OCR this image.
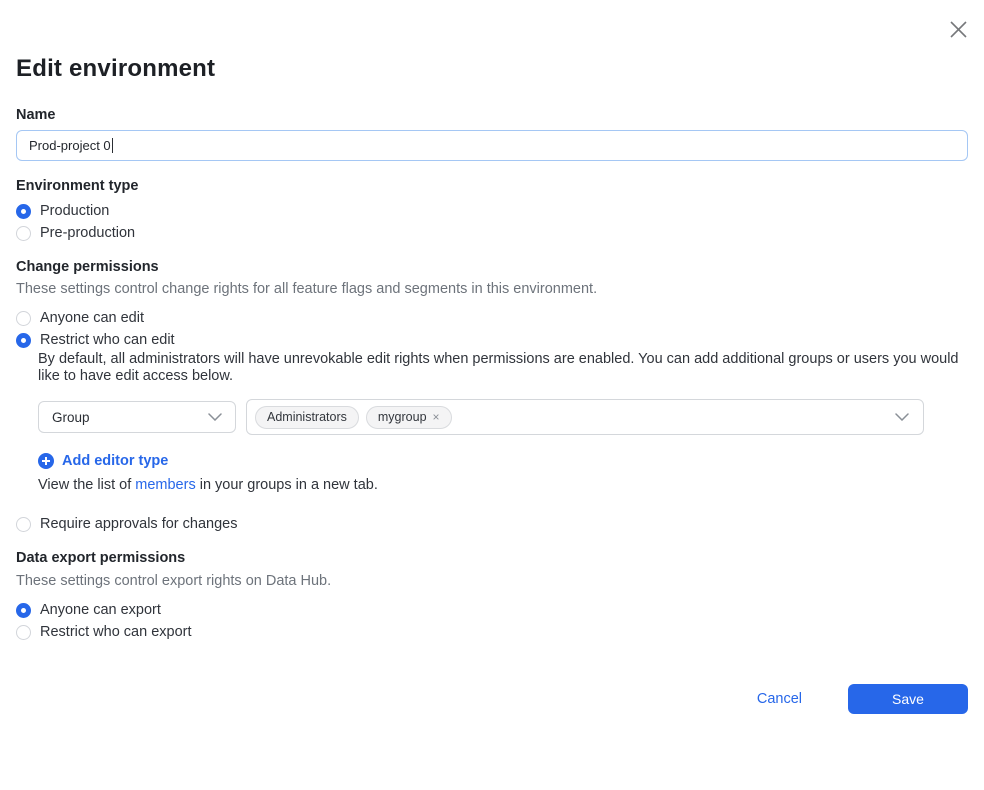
Edit environment
Name
Prod-project 0
Environment type
Production
Pre-production
Change permissions
These settings control change rights for all feature flags and segments in this environment.
Anyone can edit
Restrict who can edit
By default, all administrators will have unrevokable edit rights when permissions are enabled. You can add additional groups or users you would like to have edit access below.
Group	Administrators mygroup ×
Add editor type
View the list of members in your groups in a new tab.
Require approvals for changes
Data export permissions
These settings control export rights on Data Hub.
Anyone can export
Restrict who can export
Cancel	Save
